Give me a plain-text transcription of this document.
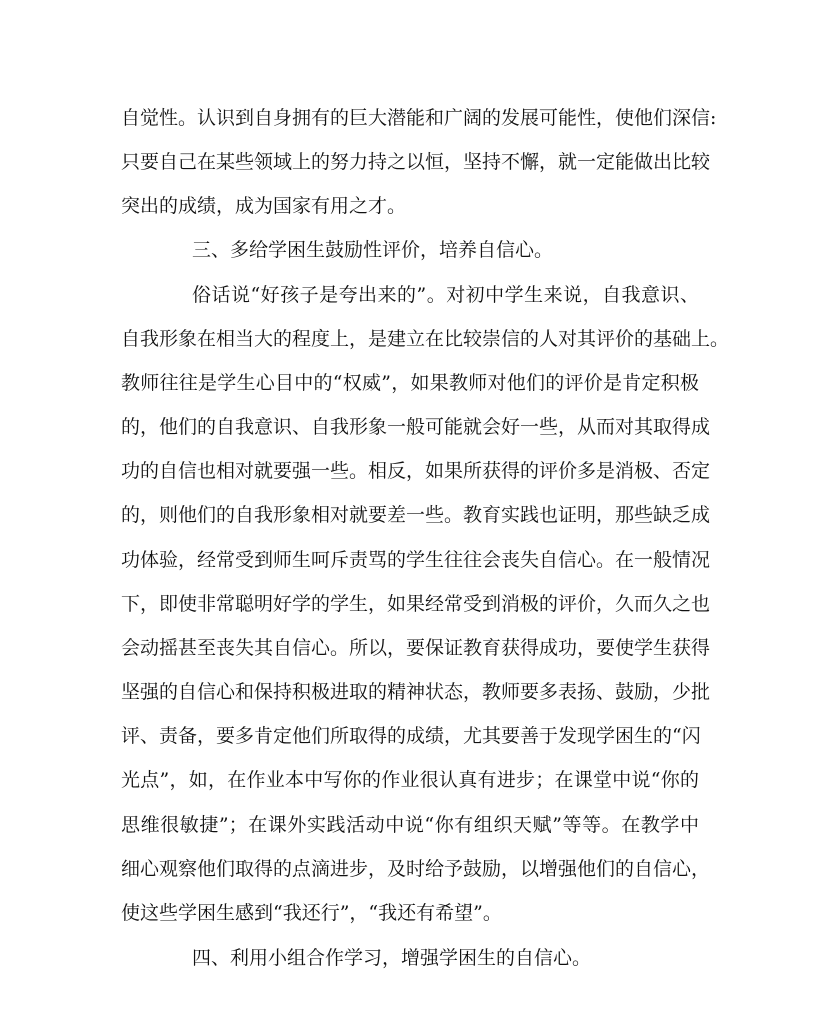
自觉性。认识到自身拥有的巨大潜能和广阔的发展可能性，使他们深信:
只要自己在某些领域上的努力持之以恒，坚持不懈，就一定能做出比较
突出的成绩，成为国家有用之才。
三、多给学困生鼓励性评价，培养自信心。
俗话说“好孩子是夸出来的”。对初中学生来说，自我意识、
自我形象在相当大的程度上，是建立在比较崇信的人对其评价的基础上。
教师往往是学生心目中的“权威”，如果教师对他们的评价是肯定积极
的，他们的自我意识、自我形象一般可能就会好一些，从而对其取得成
功的自信也相对就要强一些。相反，如果所获得的评价多是消极、否定
的，则他们的自我形象相对就要差一些。教育实践也证明，那些缺乏成
功体验，经常受到师生呵斥责骂的学生往往会丧失自信心。在一般情况
下，即使非常聪明好学的学生，如果经常受到消极的评价，久而久之也
会动摇甚至丧失其自信心。所以，要保证教育获得成功，要使学生获得
坚强的自信心和保持积极进取的精神状态，教师要多表扬、鼓励，少批
评、责备，要多肯定他们所取得的成绩，尤其要善于发现学困生的“闪
光点”，如，在作业本中写你的作业很认真有进步；在课堂中说“你的
思维很敏捷”；在课外实践活动中说“你有组织天赋”等等。在教学中
细心观察他们取得的点滴进步，及时给予鼓励，以增强他们的自信心，
使这些学困生感到“我还行”，“我还有希望”。
四、利用小组合作学习，增强学困生的自信心。
